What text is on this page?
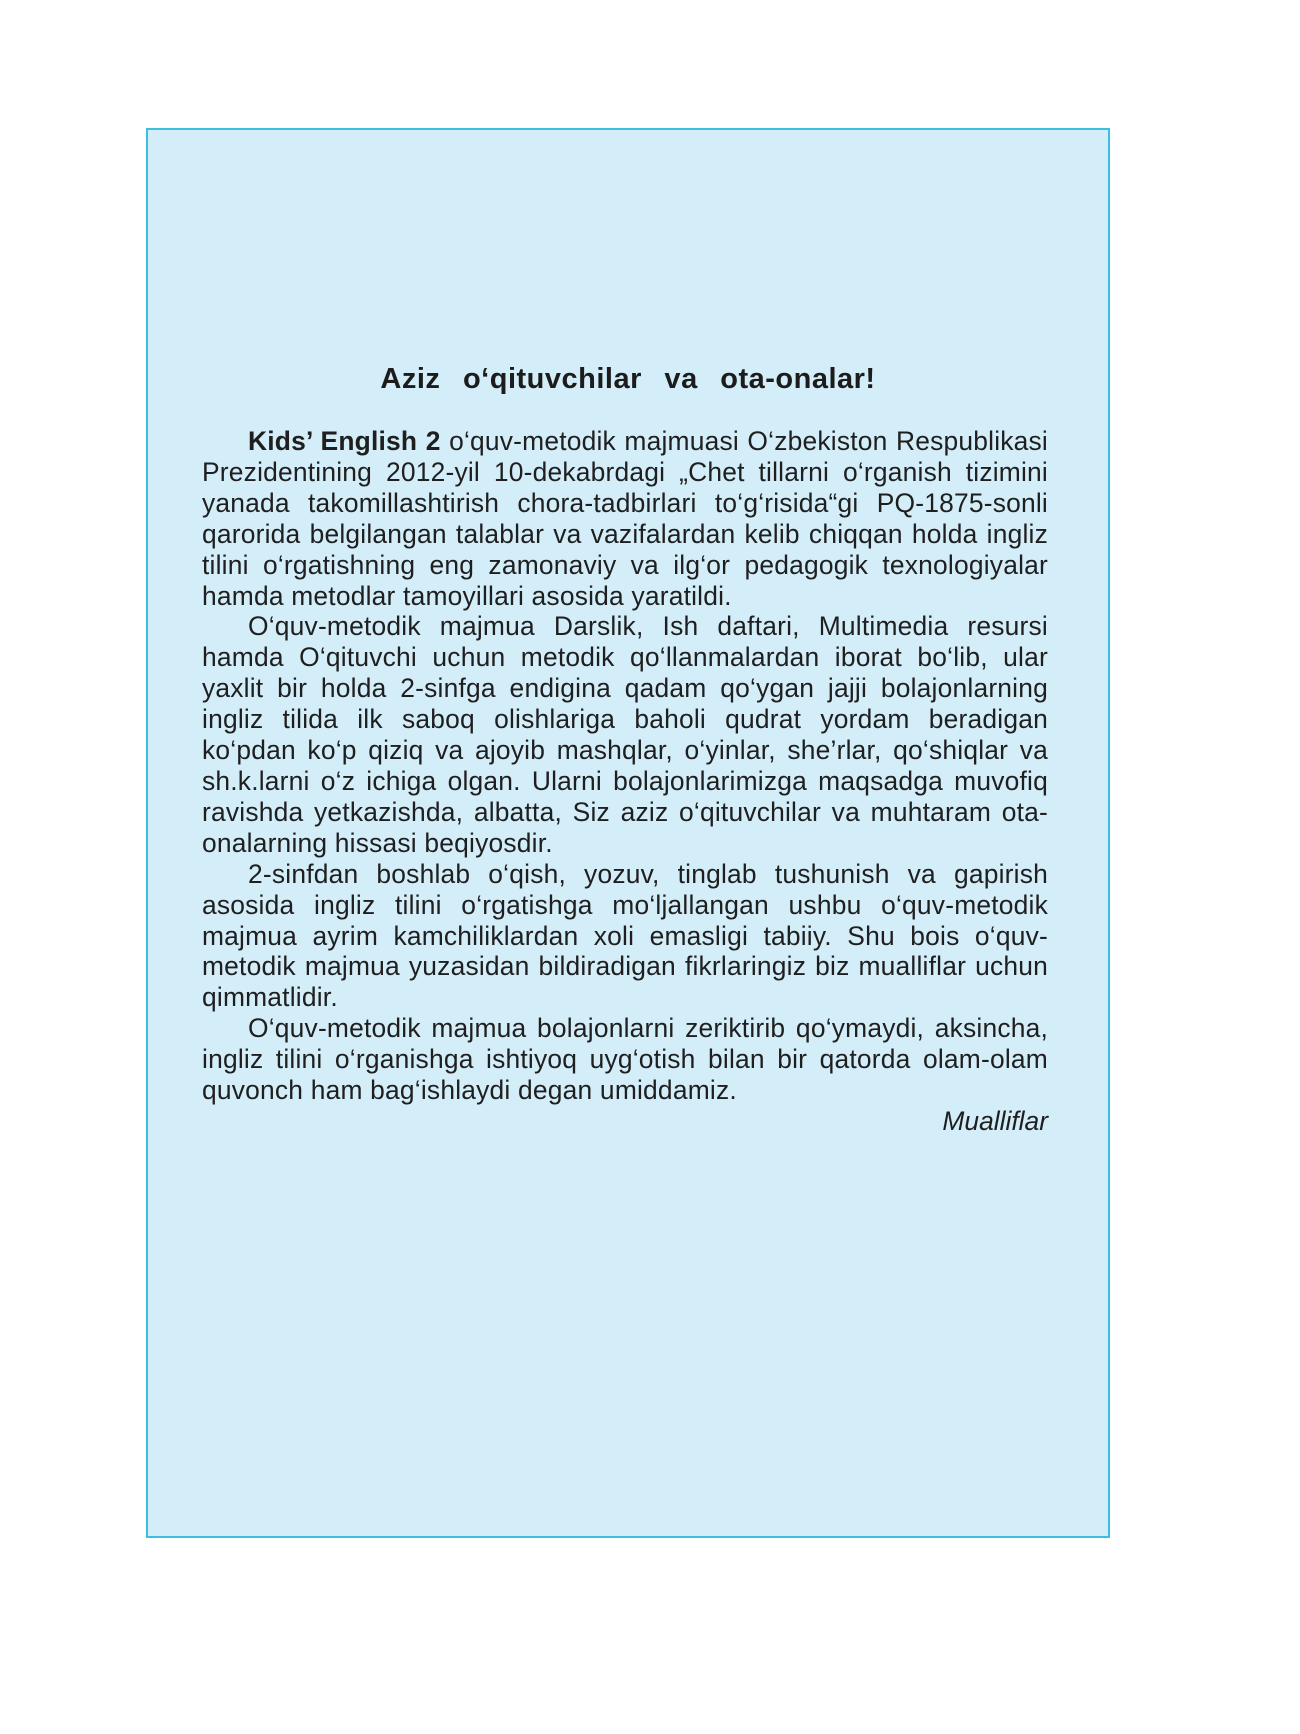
Aziz o‘qituvchilar va ota-onalar!

Kids’ English 2 o‘quv-metodik majmuasi O‘zbekiston Respublikasi Prezidentining 2012-yil 10-dekabrdagi „Chet tillarni o‘rganish tizimini yanada takomillashtirish chora-tadbirlari to‘g‘risida“gi PQ-1875-sonli qarorida belgilangan talablar va vazifalardan kelib chiqqan holda ingliz tilini o‘rgatishning eng zamonaviy va ilg‘or pedagogik texnologiyalar hamda metodlar tamoyillari asosida yaratildi.

O‘quv-metodik majmua Darslik, Ish daftari, Multimedia resursi hamda O‘qituvchi uchun metodik qo‘llanmalardan iborat bo‘lib, ular yaxlit bir holda 2-sinfga endigina qadam qo‘ygan jajji bolajonlarning ingliz tilida ilk saboq olishlariga baholi qudrat yordam beradigan ko‘pdan ko‘p qiziq va ajoyib mashqlar, o‘yinlar, she’rlar, qo‘shiqlar va sh.k.larni o‘z ichiga olgan. Ularni bolajonlarimizga maqsadga muvofiq ravishda yetkazishda, albatta, Siz aziz o‘qituvchilar va muhtaram ota-onalarning hissasi beqiyosdir.

2-sinfdan boshlab o‘qish, yozuv, tinglab tushunish va gapirish asosida ingliz tilini o‘rgatishga mo‘ljallangan ushbu o‘quv-metodik majmua ayrim kamchiliklardan xoli emasligi tabiiy. Shu bois o‘quv-metodik majmua yuzasidan bildiradigan fikrlaringiz biz mualliflar uchun qimmatlidir.

O‘quv-metodik majmua bolajonlarni zeriktirib qo‘ymaydi, aksincha, ingliz tilini o‘rganishga ishtiyoq uyg‘otish bilan bir qatorda olam-olam quvonch ham bag‘ishlaydi degan umiddamiz.

Mualliflar
